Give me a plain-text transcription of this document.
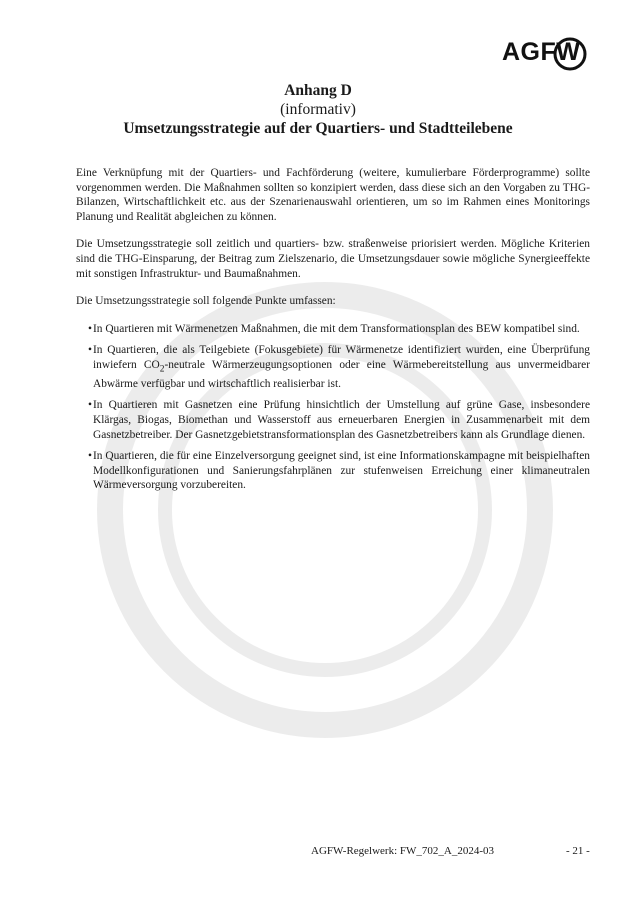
AGFW
Anhang D
(informativ)
Umsetzungsstrategie auf der Quartiers- und Stadtteilebene

Eine Verknüpfung mit der Quartiers- und Fachförderung (weitere, kumulierbare Förderprogramme) sollte vorgenommen werden. Die Maßnahmen sollten so konzipiert werden, dass diese sich an den Vorgaben zu THG-Bilanzen, Wirtschaftlichkeit etc. aus der Szenarienauswahl orientieren, um so im Rahmen eines Monitorings Planung und Realität abgleichen zu können.

Die Umsetzungsstrategie soll zeitlich und quartiers- bzw. straßenweise priorisiert werden. Mögliche Kriterien sind die THG-Einsparung, der Beitrag zum Zielszenario, die Umsetzungsdauer sowie mögliche Synergieeffekte mit sonstigen Infrastruktur- und Baumaßnahmen.

Die Umsetzungsstrategie soll folgende Punkte umfassen:

• In Quartieren mit Wärmenetzen Maßnahmen, die mit dem Transformationsplan des BEW kompatibel sind.
• In Quartieren, die als Teilgebiete (Fokusgebiete) für Wärmenetze identifiziert wurden, eine Überprüfung inwiefern $CO_2$-neutrale Wärmerzeugungsoptionen oder eine Wärmebereitstellung aus unvermeidbarer Abwärme verfügbar und wirtschaftlich realisierbar ist.
• In Quartieren mit Gasnetzen eine Prüfung hinsichtlich der Umstellung auf grüne Gase, insbesondere Klärgas, Biogas, Biomethan und Wasserstoff aus erneuerbaren Energien in Zusammenarbeit mit dem Gasnetzbetreiber. Der Gasnetzgebietstransformationsplan des Gasnetzbetreibers kann als Grundlage dienen.
• In Quartieren, die für eine Einzelversorgung geeignet sind, ist eine Informationskampagne mit beispielhaften Modellkonfigurationen und Sanierungsfahrplänen zur stufenweisen Erreichung einer klimaneutralen Wärmeversorgung vorzubereiten.
AGFW-Regelwerk: FW_702_A_2024-03	- 21 -
